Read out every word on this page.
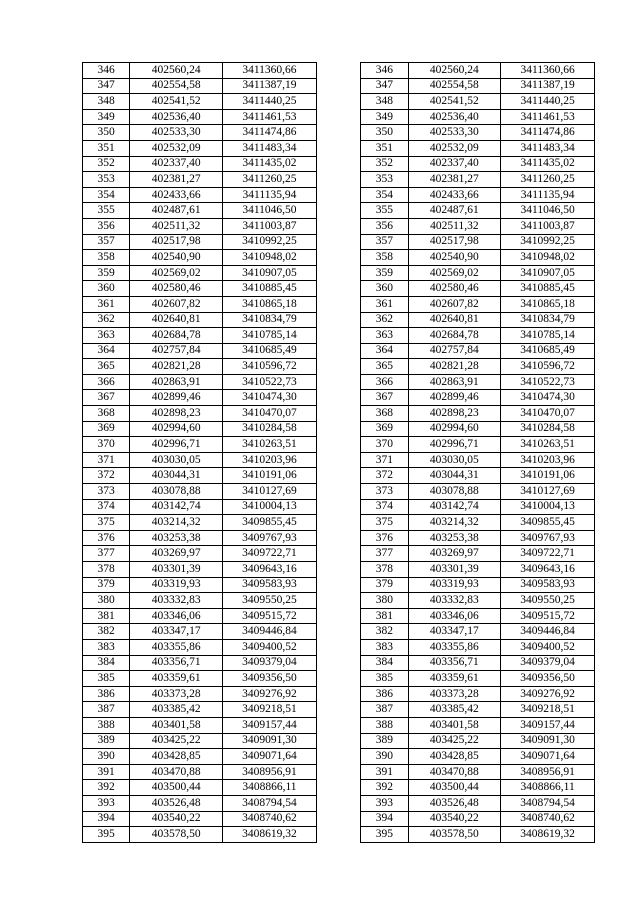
346	402560,24	3411360,66		346	402560,24	3411360,66
347	402554,58	3411387,19		347	402554,58	3411387,19
348	402541,52	3411440,25		348	402541,52	3411440,25
349	402536,40	3411461,53		349	402536,40	3411461,53
350	402533,30	3411474,86		350	402533,30	3411474,86
351	402532,09	3411483,34		351	402532,09	3411483,34
352	402337,40	3411435,02		352	402337,40	3411435,02
353	402381,27	3411260,25		353	402381,27	3411260,25
354	402433,66	3411135,94		354	402433,66	3411135,94
355	402487,61	3411046,50		355	402487,61	3411046,50
356	402511,32	3411003,87		356	402511,32	3411003,87
357	402517,98	3410992,25		357	402517,98	3410992,25
358	402540,90	3410948,02		358	402540,90	3410948,02
359	402569,02	3410907,05		359	402569,02	3410907,05
360	402580,46	3410885,45		360	402580,46	3410885,45
361	402607,82	3410865,18		361	402607,82	3410865,18
362	402640,81	3410834,79		362	402640,81	3410834,79
363	402684,78	3410785,14		363	402684,78	3410785,14
364	402757,84	3410685,49		364	402757,84	3410685,49
365	402821,28	3410596,72		365	402821,28	3410596,72
366	402863,91	3410522,73		366	402863,91	3410522,73
367	402899,46	3410474,30		367	402899,46	3410474,30
368	402898,23	3410470,07		368	402898,23	3410470,07
369	402994,60	3410284,58		369	402994,60	3410284,58
370	402996,71	3410263,51		370	402996,71	3410263,51
371	403030,05	3410203,96		371	403030,05	3410203,96
372	403044,31	3410191,06		372	403044,31	3410191,06
373	403078,88	3410127,69		373	403078,88	3410127,69
374	403142,74	3410004,13		374	403142,74	3410004,13
375	403214,32	3409855,45		375	403214,32	3409855,45
376	403253,38	3409767,93		376	403253,38	3409767,93
377	403269,97	3409722,71		377	403269,97	3409722,71
378	403301,39	3409643,16		378	403301,39	3409643,16
379	403319,93	3409583,93		379	403319,93	3409583,93
380	403332,83	3409550,25		380	403332,83	3409550,25
381	403346,06	3409515,72		381	403346,06	3409515,72
382	403347,17	3409446,84		382	403347,17	3409446,84
383	403355,86	3409400,52		383	403355,86	3409400,52
384	403356,71	3409379,04		384	403356,71	3409379,04
385	403359,61	3409356,50		385	403359,61	3409356,50
386	403373,28	3409276,92		386	403373,28	3409276,92
387	403385,42	3409218,51		387	403385,42	3409218,51
388	403401,58	3409157,44		388	403401,58	3409157,44
389	403425,22	3409091,30		389	403425,22	3409091,30
390	403428,85	3409071,64		390	403428,85	3409071,64
391	403470,88	3408956,91		391	403470,88	3408956,91
392	403500,44	3408866,11		392	403500,44	3408866,11
393	403526,48	3408794,54		393	403526,48	3408794,54
394	403540,22	3408740,62		394	403540,22	3408740,62
395	403578,50	3408619,32		395	403578,50	3408619,32
